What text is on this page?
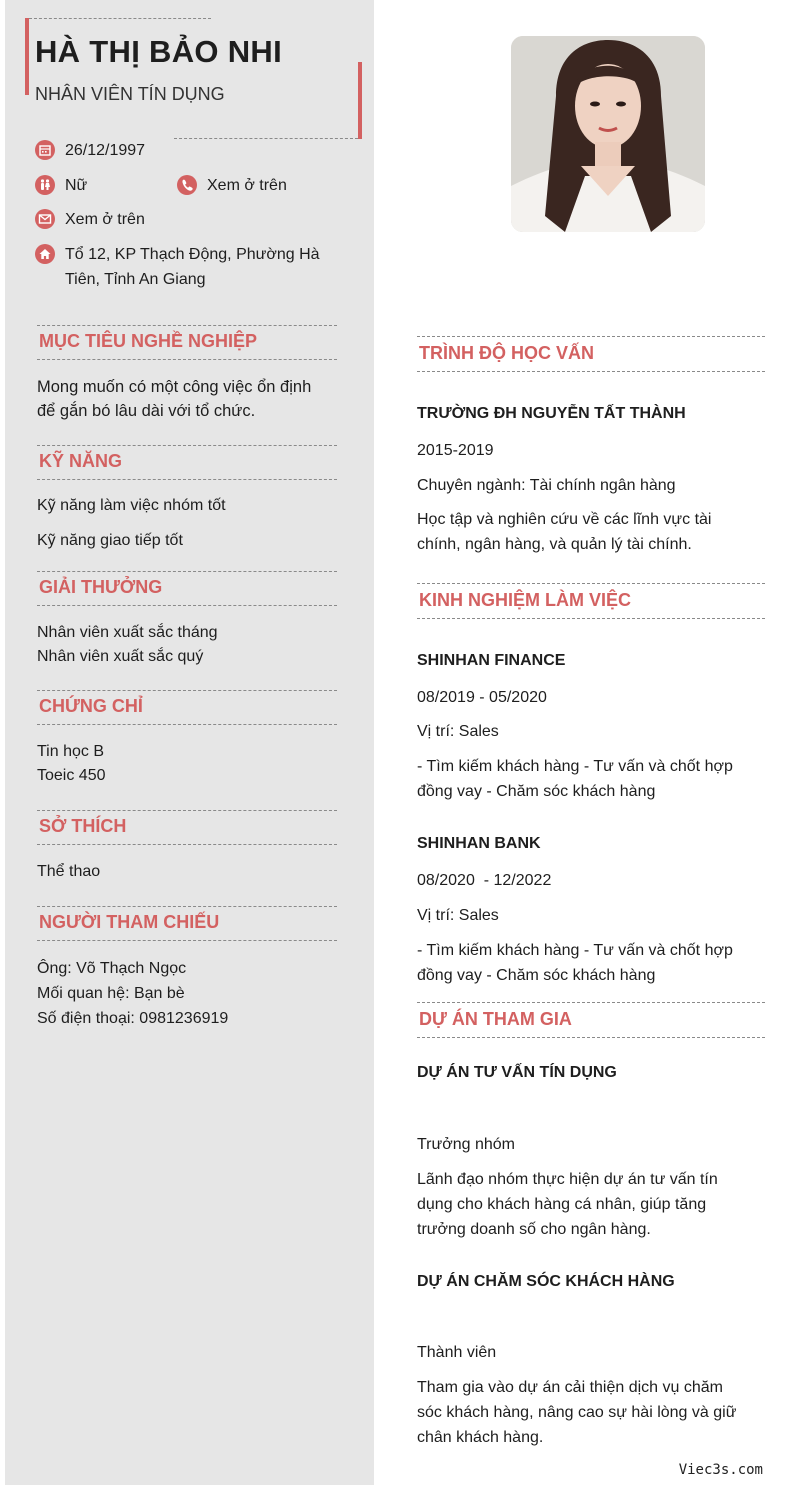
HÀ THỊ BẢO NHI
NHÂN VIÊN TÍN DỤNG
26/12/1997
Nữ	Xem ở trên
Xem ở trên
Tổ 12, KP Thạch Động, Phường Hà
Tiên, Tỉnh An Giang
MỤC TIÊU NGHỀ NGHIỆP
Mong muốn có một công việc ổn định
để gắn bó lâu dài với tổ chức.
KỸ NĂNG
Kỹ năng làm việc nhóm tốt
Kỹ năng giao tiếp tốt
GIẢI THƯỞNG
Nhân viên xuất sắc tháng
Nhân viên xuất sắc quý
CHỨNG CHỈ
Tin học B
Toeic 450
SỞ THÍCH
Thể thao
NGƯỜI THAM CHIẾU
Ông: Võ Thạch Ngọc
Mối quan hệ: Bạn bè
Số điện thoại: 0981236919
TRÌNH ĐỘ HỌC VẤN
TRƯỜNG ĐH NGUYỄN TẤT THÀNH
2015-2019
Chuyên ngành: Tài chính ngân hàng
Học tập và nghiên cứu về các lĩnh vực tài
chính, ngân hàng, và quản lý tài chính.
KINH NGHIỆM LÀM VIỆC
SHINHAN FINANCE
08/2019 - 05/2020
Vị trí: Sales
- Tìm kiếm khách hàng - Tư vấn và chốt hợp
đồng vay - Chăm sóc khách hàng
SHINHAN BANK
08/2020  - 12/2022
Vị trí: Sales
- Tìm kiếm khách hàng - Tư vấn và chốt hợp
đồng vay - Chăm sóc khách hàng
DỰ ÁN THAM GIA
DỰ ÁN TƯ VẤN TÍN DỤNG
Trưởng nhóm
Lãnh đạo nhóm thực hiện dự án tư vấn tín
dụng cho khách hàng cá nhân, giúp tăng
trưởng doanh số cho ngân hàng.
DỰ ÁN CHĂM SÓC KHÁCH HÀNG
Thành viên
Tham gia vào dự án cải thiện dịch vụ chăm
sóc khách hàng, nâng cao sự hài lòng và giữ
chân khách hàng.
Viec3s.com
